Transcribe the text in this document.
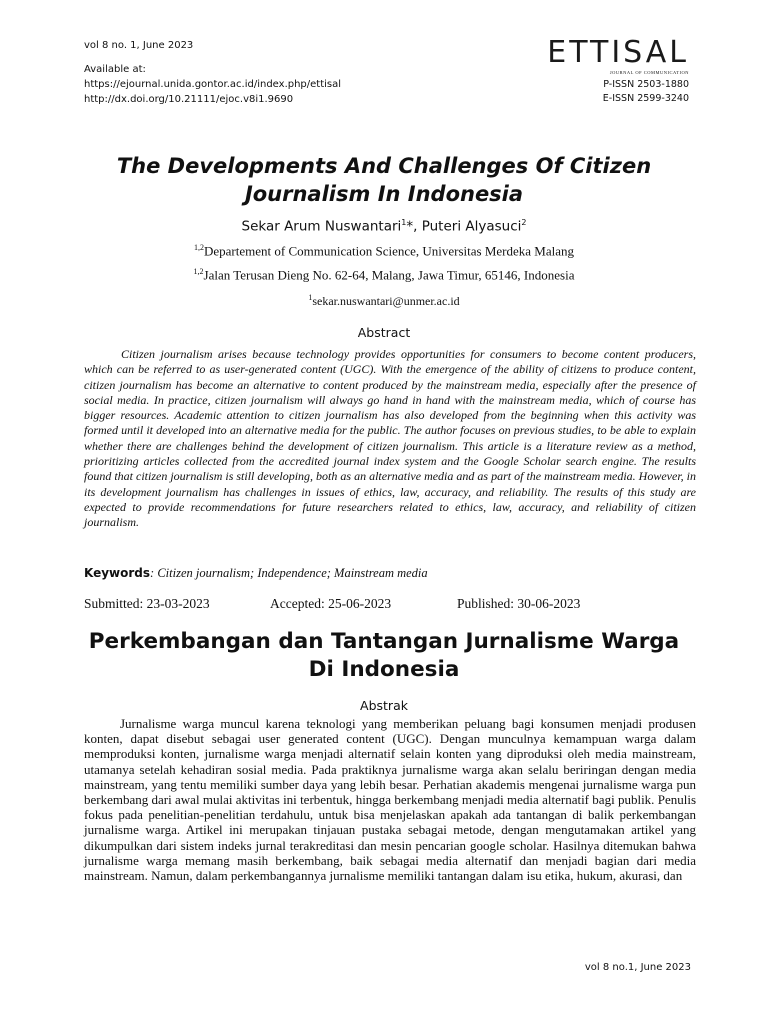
vol 8 no. 1, June 2023
Available at:
https://ejournal.unida.gontor.ac.id/index.php/ettisal
http://dx.doi.org/10.21111/ejoc.v8i1.9690
ETTISAL
JOURNAL OF COMMUNICATION
P-ISSN 2503-1880
E-ISSN 2599-3240
The Developments And Challenges Of Citizen
Journalism In Indonesia
Sekar Arum Nuswantari$^1$*, Puteri Alyasuci$^2$
$^{1,2}$Departement of Communication Science, Universitas Merdeka Malang
$^{1,2}$Jalan Terusan Dieng No. 62-64, Malang, Jawa Timur, 65146, Indonesia
$^1$sekar.nuswantari@unmer.ac.id
Abstract
Citizen journalism arises because technology provides opportunities for consumers to become content producers, which can be referred to as user-generated content (UGC). With the emergence of the ability of citizens to produce content, citizen journalism has become an alternative to content produced by the mainstream media, especially after the presence of social media. In practice, citizen journalism will always go hand in hand with the mainstream media, which of course has bigger resources. Academic attention to citizen journalism has also developed from the beginning when this activity was formed until it developed into an alternative media for the public. The author focuses on previous studies, to be able to explain whether there are challenges behind the development of citizen journalism. This article is a literature review as a method, prioritizing articles collected from the accredited journal index system and the Google Scholar search engine. The results found that citizen journalism is still developing, both as an alternative media and as part of the mainstream media. However, in its development journalism has challenges in issues of ethics, law, accuracy, and reliability. The results of this study are expected to provide recommendations for future researchers related to ethics, law, accuracy, and reliability of citizen journalism.
Keywords: Citizen journalism; Independence; Mainstream media
Submitted: 23-03-2023	Accepted: 25-06-2023	Published: 30-06-2023
Perkembangan dan Tantangan Jurnalisme Warga
Di Indonesia
Abstrak
Jurnalisme warga muncul karena teknologi yang memberikan peluang bagi konsumen menjadi produsen konten, dapat disebut sebagai user generated content (UGC). Dengan munculnya kemampuan warga dalam memproduksi konten, jurnalisme warga menjadi alternatif selain konten yang diproduksi oleh media mainstream, utamanya setelah kehadiran sosial media. Pada praktiknya jurnalisme warga akan selalu beriringan dengan media mainstream, yang tentu memiliki sumber daya yang lebih besar. Perhatian akademis mengenai jurnalisme warga pun berkembang dari awal mulai aktivitas ini terbentuk, hingga berkembang menjadi media alternatif bagi publik. Penulis fokus pada penelitian-penelitian terdahulu, untuk bisa menjelaskan apakah ada tantangan di balik perkembangan jurnalisme warga. Artikel ini merupakan tinjauan pustaka sebagai metode, dengan mengutamakan artikel yang dikumpulkan dari sistem indeks jurnal terakreditasi dan mesin pencarian google scholar. Hasilnya ditemukan bahwa jurnalisme warga memang masih berkembang, baik sebagai media alternatif dan menjadi bagian dari media mainstream. Namun, dalam perkembangannya jurnalisme memiliki tantangan dalam isu etika, hukum, akurasi, dan
vol 8 no.1, June 2023
